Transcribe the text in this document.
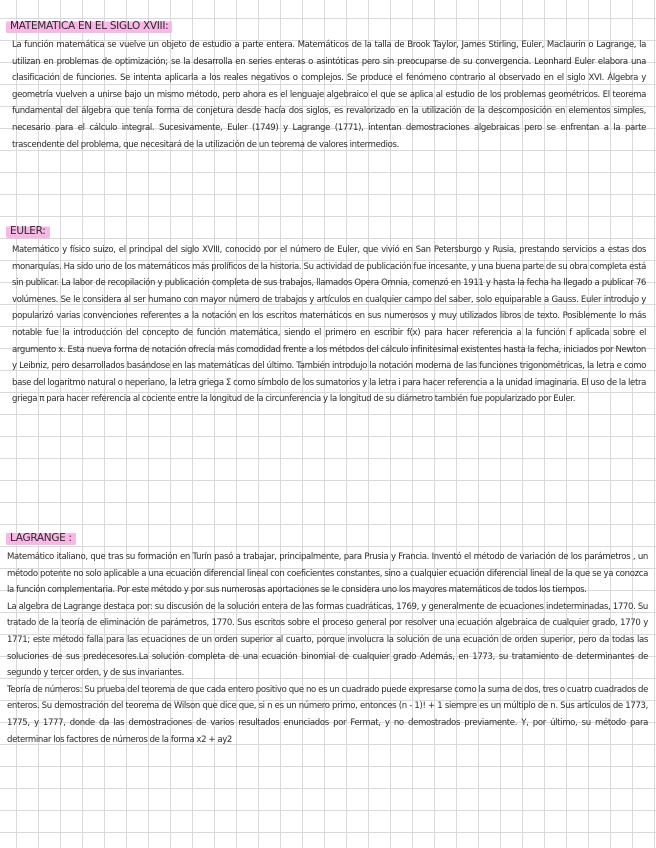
MATEMATICA EN EL SIGLO XVIII:

La función matemática se vuelve un objeto de estudio a parte entera. Matemáticos de la talla de Brook Taylor, James Stirling, Euler, Maclaurin o Lagrange, la utilizan en problemas de optimización; se la desarrolla en series enteras o asintóticas pero sin preocuparse de su convergencia. Leonhard Euler elabora una clasificación de funciones. Se intenta aplicarla a los reales negativos o complejos. Se produce el fenómeno contrario al observado en el siglo XVI. Álgebra y geometría vuelven a unirse bajo un mismo método, pero ahora es el lenguaje algebraico el que se aplica al estudio de los problemas geométricos. El teorema fundamental del álgebra que tenía forma de conjetura desde hacía dos siglos, es revalorizado en la utilización de la descomposición en elementos simples, necesario para el cálculo integral. Sucesivamente, Euler (1749) y Lagrange (1771), intentan demostraciones algebraicas pero se enfrentan a la parte trascendente del problema, que necesitará de la utilización de un teorema de valores intermedios.

EULER:

Matemático y físico suizo, el principal del siglo XVIII, conocido por el número de Euler, que vivió en San Petersburgo y Rusia, prestando servicios a estas dos monarquías. Ha sido uno de los matemáticos más prolíficos de la historia. Su actividad de publicación fue incesante, y una buena parte de su obra completa está sin publicar. La labor de recopilación y publicación completa de sus trabajos, llamados Opera Omnia, comenzó en 1911 y hasta la fecha ha llegado a publicar 76 volúmenes. Se le considera al ser humano con mayor número de trabajos y artículos en cualquier campo del saber, solo equiparable a Gauss. Euler introdujo y popularizó varias convenciones referentes a la notación en los escritos matemáticos en sus numerosos y muy utilizados libros de texto. Posiblemente lo más notable fue la introducción del concepto de función matemática, siendo el primero en escribir f(x) para hacer referencia a la función f aplicada sobre el argumento x. Esta nueva forma de notación ofrecía más comodidad frente a los métodos del cálculo infinitesimal existentes hasta la fecha, iniciados por Newton y Leibniz, pero desarrollados basándose en las matemáticas del último. También introdujo la notación moderna de las funciones trigonométricas, la letra e como base del logaritmo natural o neperiano, la letra griega Σ como símbolo de los sumatorios y la letra i para hacer referencia a la unidad imaginaria. El uso de la letra griega π para hacer referencia al cociente entre la longitud de la circunferencia y la longitud de su diámetro también fue popularizado por Euler.

LAGRANGE :

Matemático italiano, que tras su formación en Turín pasó a trabajar, principalmente, para Prusia y Francia. Inventó el método de variación de los parámetros , un método potente no solo aplicable a una ecuación diferencial lineal con coeficientes constantes, sino a cualquier ecuación diferencial lineal de la que se ya conozca la función complementaria. Por este método y por sus numerosas aportaciones se le considera uno los mayores matemáticos de todos los tiempos.

La algebra de Lagrange destaca por: su discusión de la solución entera de las formas cuadráticas, 1769, y generalmente de ecuaciones indeterminadas, 1770. Su tratado de la teoría de eliminación de parámetros, 1770. Sus escritos sobre el proceso general por resolver una ecuación algebraica de cualquier grado, 1770 y 1771; este método falla para las ecuaciones de un orden superior al cuarto, porque involucra la solución de una ecuación de orden superior, pero da todas las soluciones de sus predecesores.La solución completa de una ecuación binomial de cualquier grado Además, en 1773, su tratamiento de determinantes de segundo y tercer orden, y de sus invariantes.

Teoría de números: Su prueba del teorema de que cada entero positivo que no es un cuadrado puede expresarse como la suma de dos, tres o cuatro cuadrados de enteros. Su demostración del teorema de Wilson que dice que, si n es un número primo, entonces (n - 1)! + 1 siempre es un múltiplo de n. Sus artículos de 1773, 1775, y 1777, donde da las demostraciones de varios resultados enunciados por Fermat, y no demostrados previamente. Y, por último, su método para determinar los factores de números de la forma x2 + ay2
